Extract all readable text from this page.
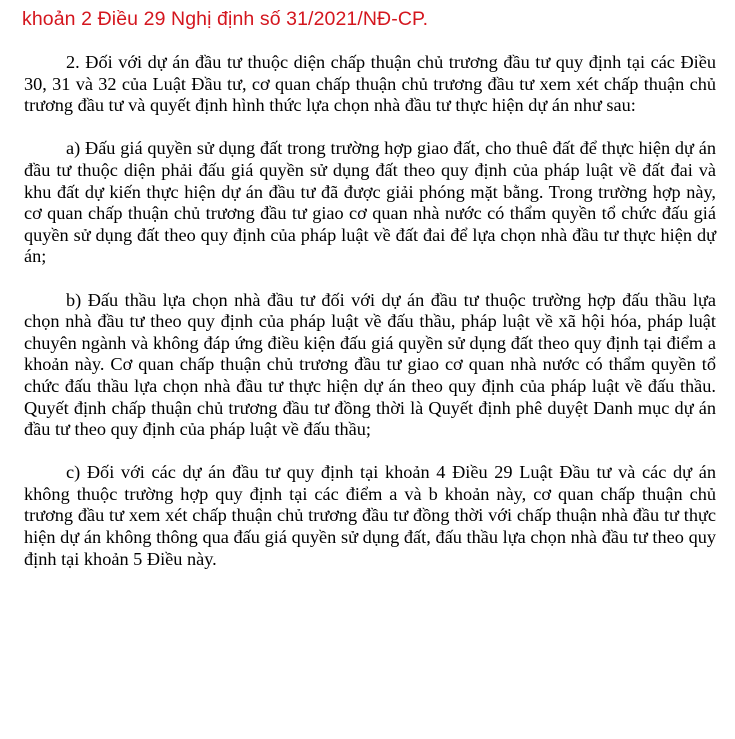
khoản 2 Điều 29 Nghị định số 31/2021/NĐ-CP.

2. Đối với dự án đầu tư thuộc diện chấp thuận chủ trương đầu tư quy định tại các Điều 30, 31 và 32 của Luật Đầu tư, cơ quan chấp thuận chủ trương đầu tư xem xét chấp thuận chủ trương đầu tư và quyết định hình thức lựa chọn nhà đầu tư thực hiện dự án như sau:

a) Đấu giá quyền sử dụng đất trong trường hợp giao đất, cho thuê đất để thực hiện dự án đầu tư thuộc diện phải đấu giá quyền sử dụng đất theo quy định của pháp luật về đất đai và khu đất dự kiến thực hiện dự án đầu tư đã được giải phóng mặt bằng. Trong trường hợp này, cơ quan chấp thuận chủ trương đầu tư giao cơ quan nhà nước có thẩm quyền tổ chức đấu giá quyền sử dụng đất theo quy định của pháp luật về đất đai để lựa chọn nhà đầu tư thực hiện dự án;

b) Đấu thầu lựa chọn nhà đầu tư đối với dự án đầu tư thuộc trường hợp đấu thầu lựa chọn nhà đầu tư theo quy định của pháp luật về đấu thầu, pháp luật về xã hội hóa, pháp luật chuyên ngành và không đáp ứng điều kiện đấu giá quyền sử dụng đất theo quy định tại điểm a khoản này. Cơ quan chấp thuận chủ trương đầu tư giao cơ quan nhà nước có thẩm quyền tổ chức đấu thầu lựa chọn nhà đầu tư thực hiện dự án theo quy định của pháp luật về đấu thầu. Quyết định chấp thuận chủ trương đầu tư đồng thời là Quyết định phê duyệt Danh mục dự án đầu tư theo quy định của pháp luật về đấu thầu;

c) Đối với các dự án đầu tư quy định tại khoản 4 Điều 29 Luật Đầu tư và các dự án không thuộc trường hợp quy định tại các điểm a và b khoản này, cơ quan chấp thuận chủ trương đầu tư xem xét chấp thuận chủ trương đầu tư đồng thời với chấp thuận nhà đầu tư thực hiện dự án không thông qua đấu giá quyền sử dụng đất, đấu thầu lựa chọn nhà đầu tư theo quy định tại khoản 5 Điều này.
